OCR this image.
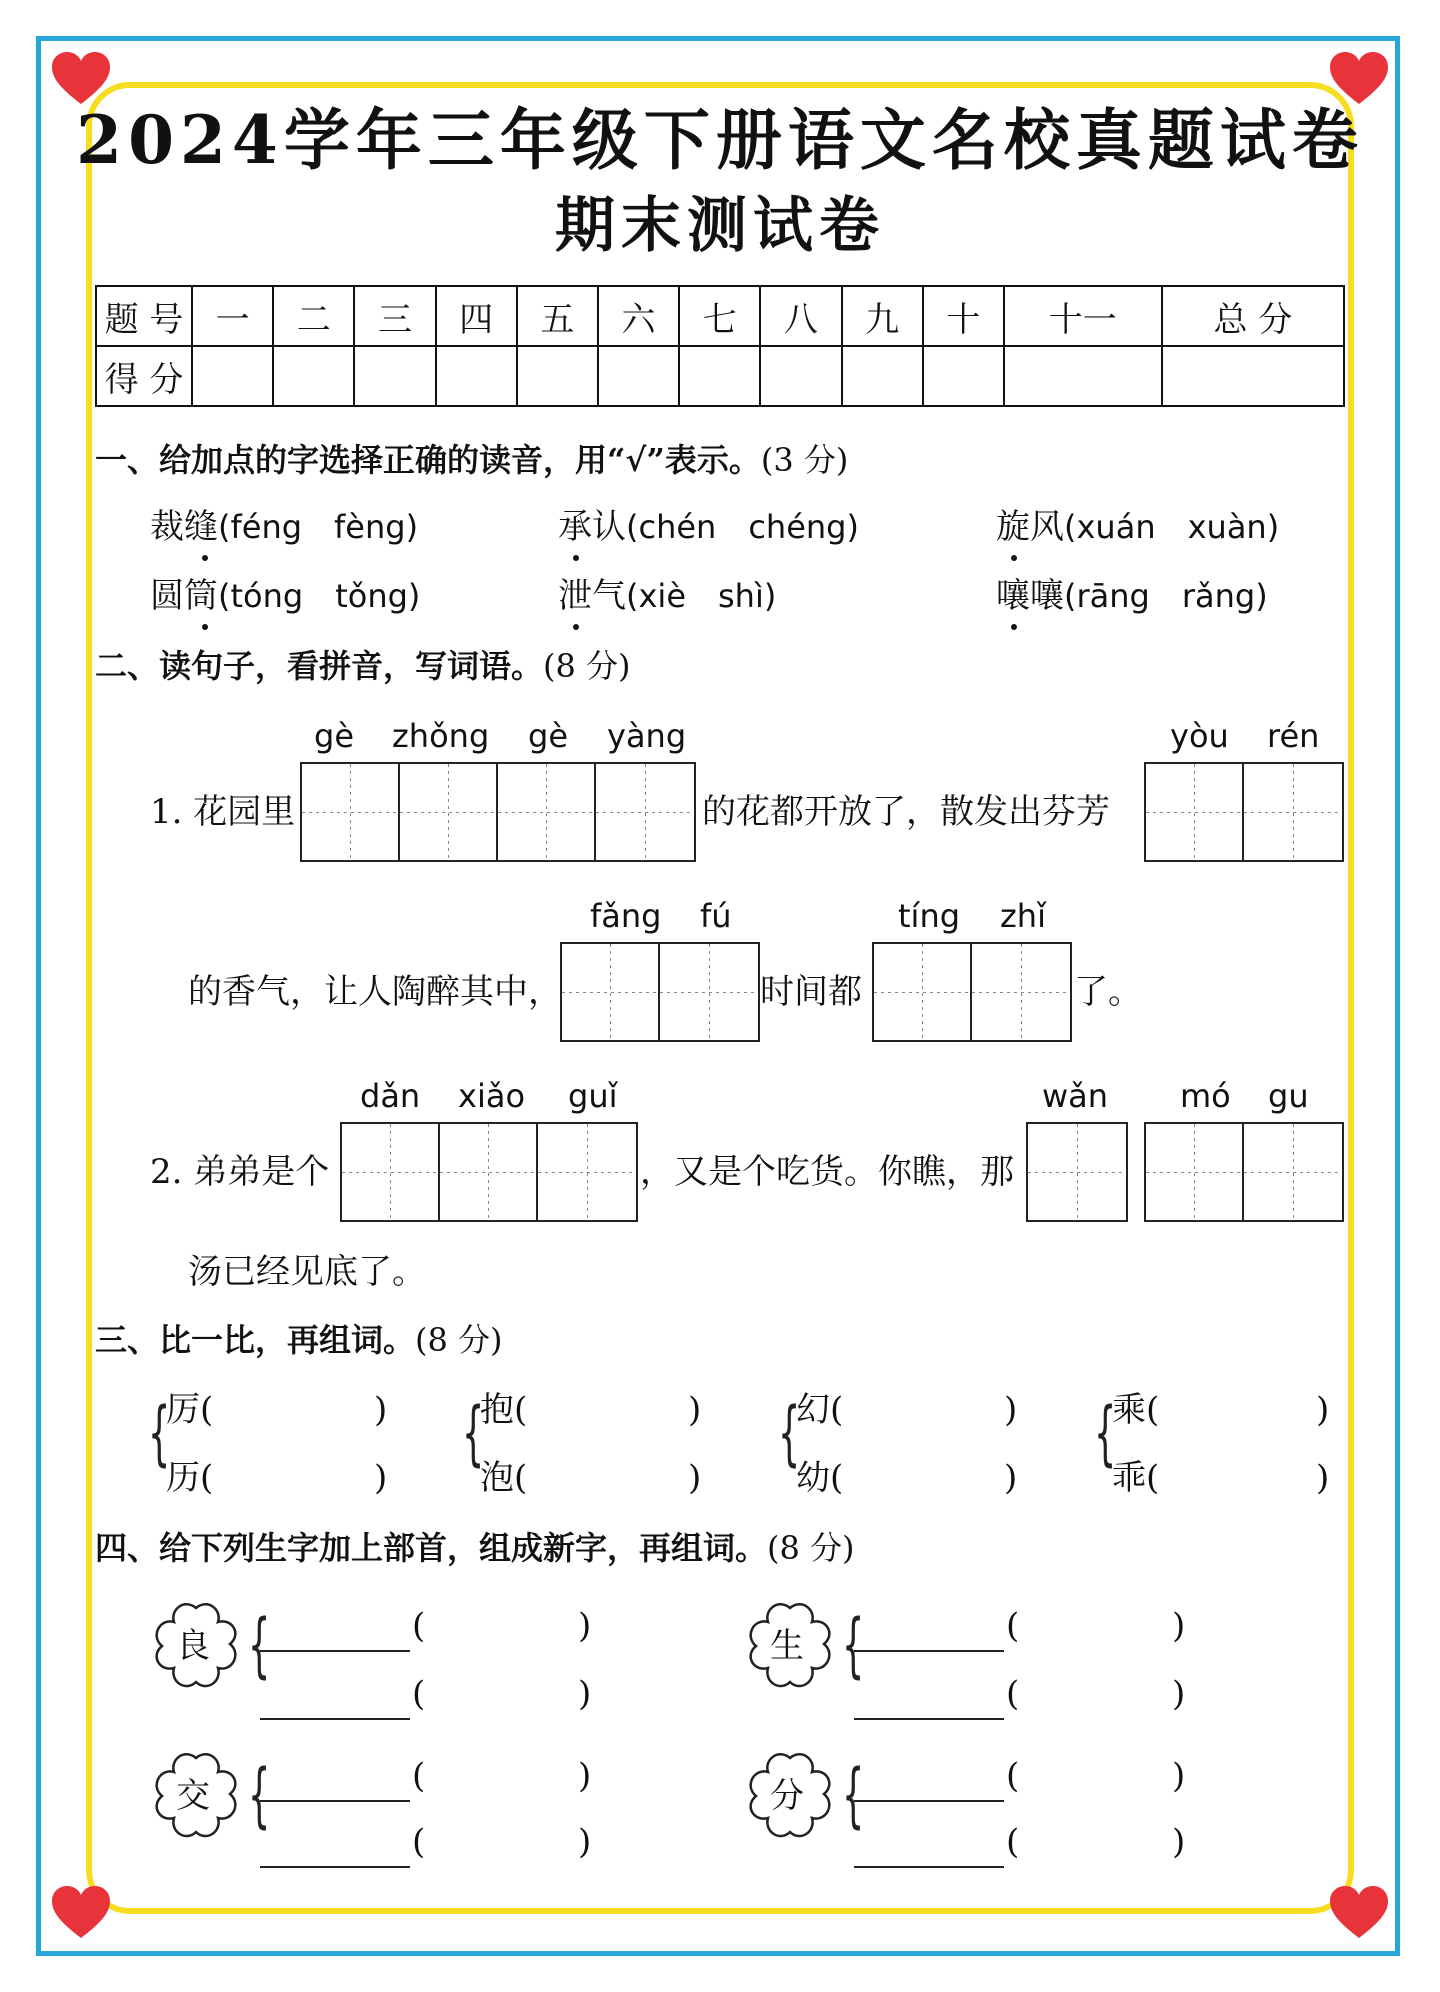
2024学年三年级下册语文名校真题试卷
期末测试卷
题 号	一	二	三	四	五	六	七	八	九	十	十一	总 分
得 分												
一、给加点的字选择正确的读音，用“√”表示。(3 分)
裁缝(féng　fèng)	承认(chén　chéng)	旋风(xuán　xuàn)
圆筒(tóng　tǒng)	泄气(xiè　shì)	嚷嚷(rāng　rǎng)
二、读句子，看拼音，写词语。(8 分)
gè zhǒng gè yàng
1. 花园里	的花都开放了，散发出芬芳
yòu rén
fǎng fú
的香气，让人陶醉其中，	时间都
tíng zhǐ
了。
dǎn xiǎo guǐ
2. 弟弟是个	，又是个吃货。你瞧，那
wǎn mó gu
汤已经见底了。
三、比一比，再组词。(8 分)
{
厉(	)
历(	)
{
抱(	)
泡(	)
{
幻(	)
幼(	)
{
乘(	)
乖(	)
四、给下列生字加上部首，组成新字，再组词。(8 分)
良 {	(	)
(	)
生 {	(	)
(	)
交 {	(	)
(	)
分 {	(	)
(	)
